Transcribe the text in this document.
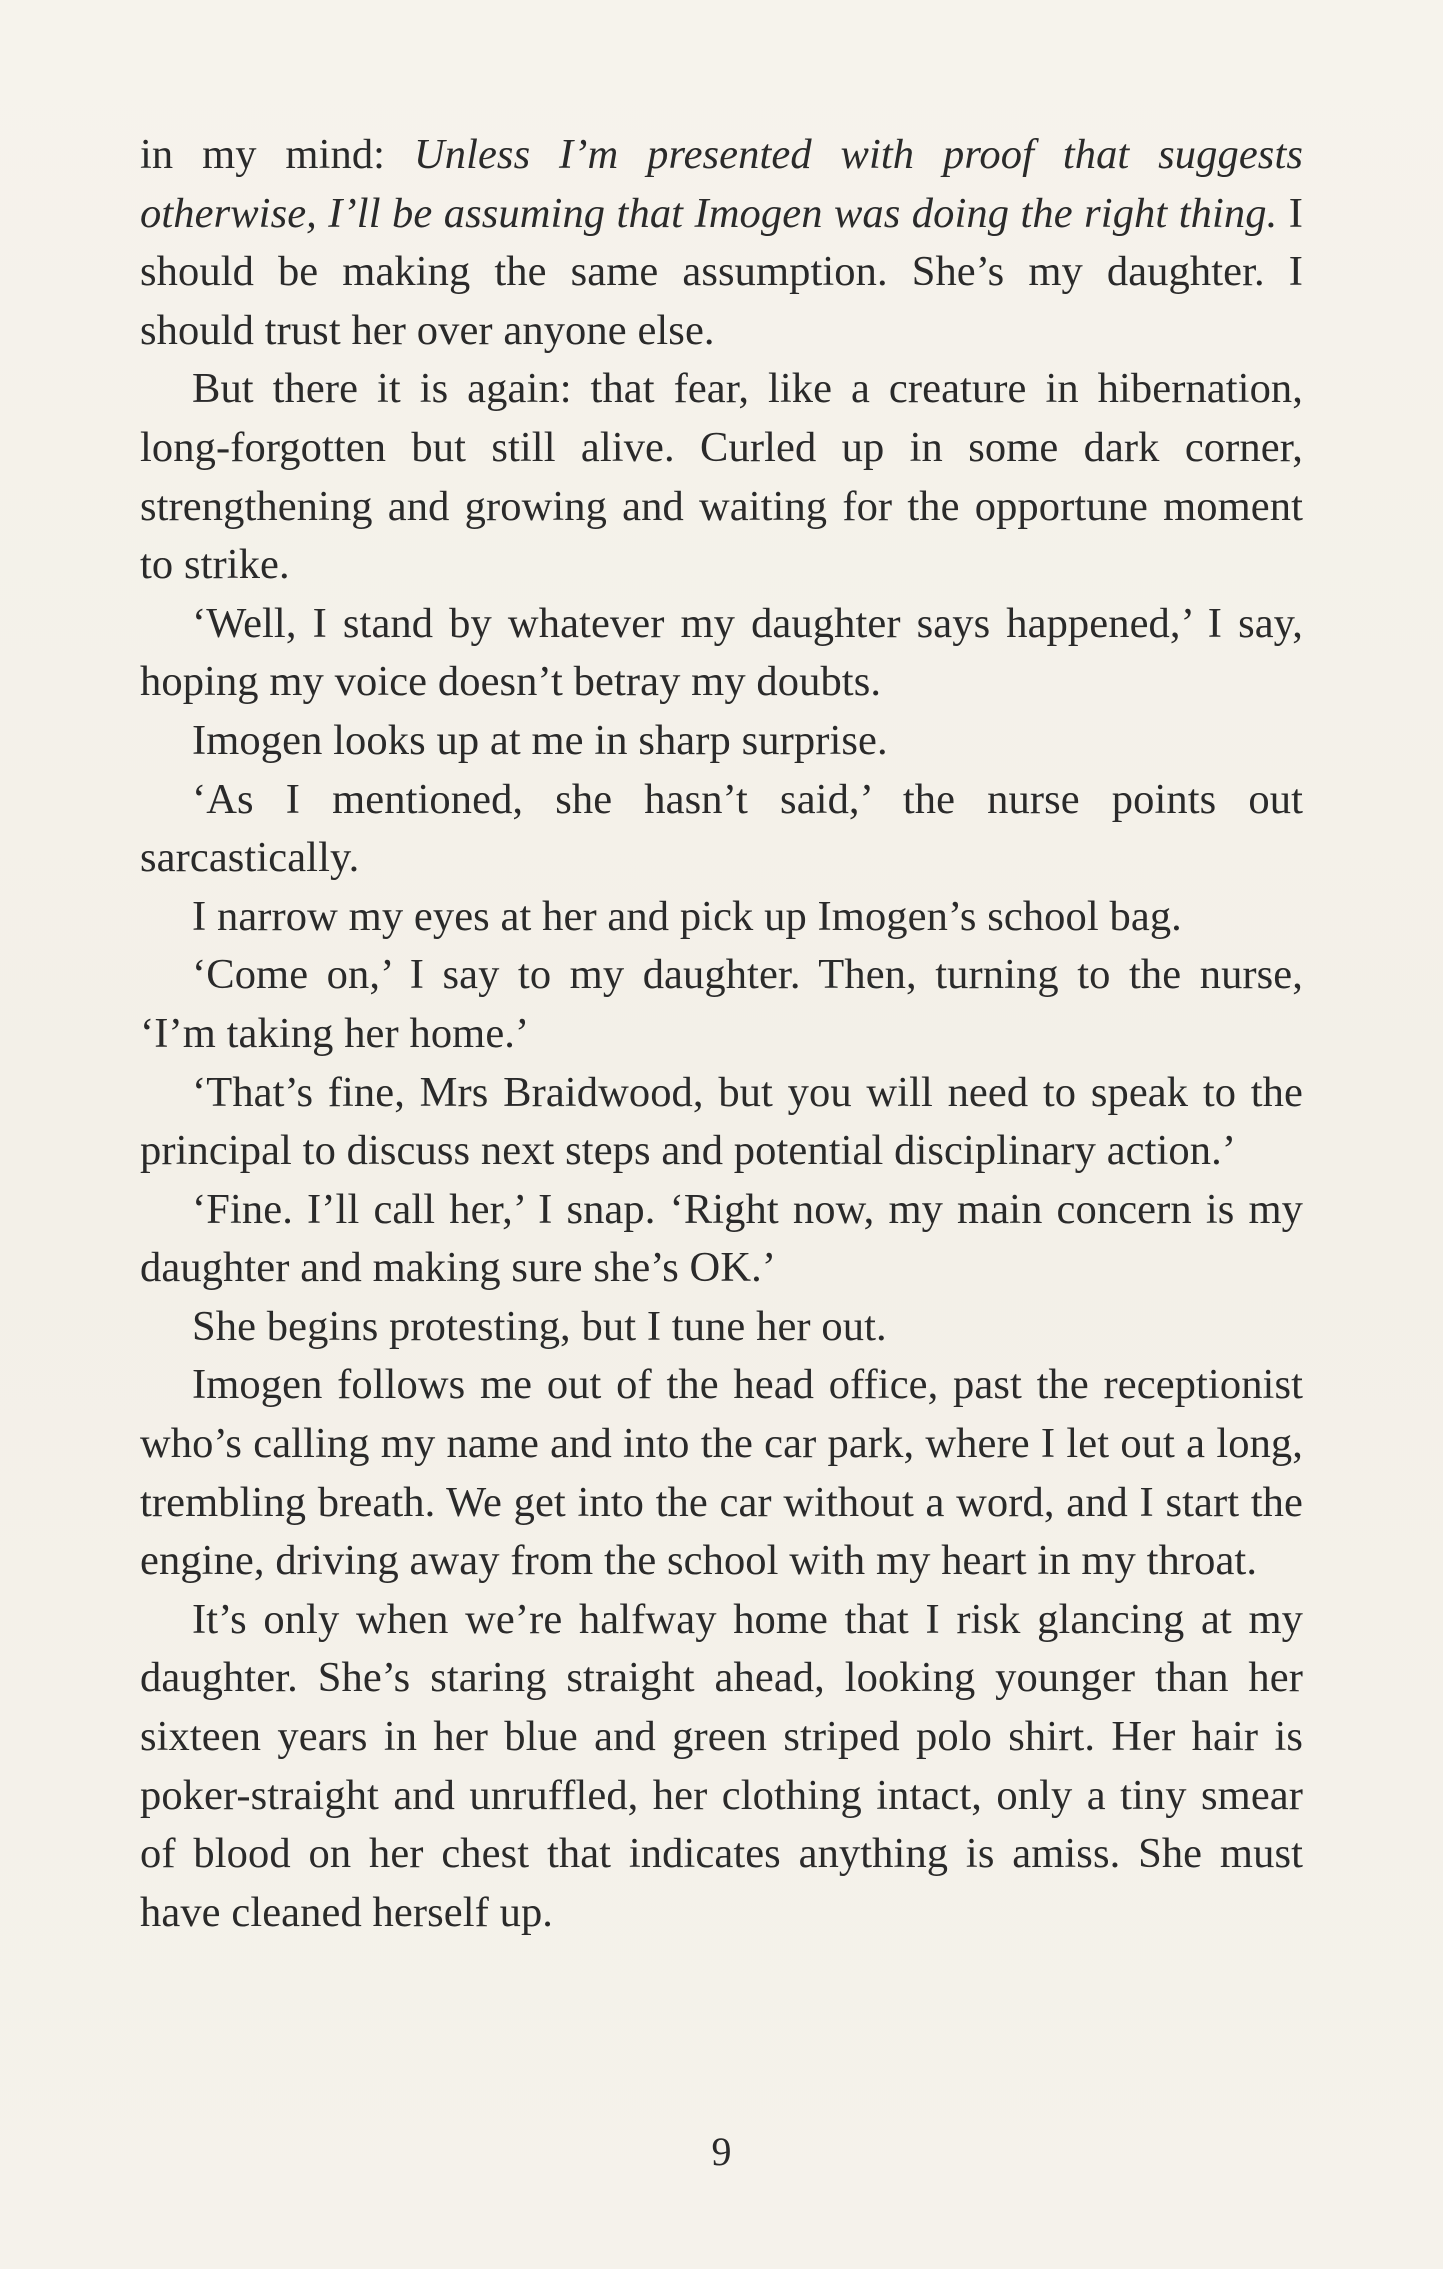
in my mind: Unless I’m presented with proof that suggests otherwise, I’ll be assuming that Imogen was doing the right thing. I should be making the same assumption. She’s my daughter. I should trust her over anyone else.

But there it is again: that fear, like a creature in hibernation, long-forgotten but still alive. Curled up in some dark corner, strengthening and growing and waiting for the opportune moment to strike.

‘Well, I stand by whatever my daughter says happened,’ I say, hoping my voice doesn’t betray my doubts.

Imogen looks up at me in sharp surprise.

‘As I mentioned, she hasn’t said,’ the nurse points out sarcastically.

I narrow my eyes at her and pick up Imogen’s school bag.

‘Come on,’ I say to my daughter. Then, turning to the nurse, ‘I’m taking her home.’

‘That’s fine, Mrs Braidwood, but you will need to speak to the principal to discuss next steps and potential disciplinary action.’

‘Fine. I’ll call her,’ I snap. ‘Right now, my main concern is my daughter and making sure she’s OK.’

She begins protesting, but I tune her out.

Imogen follows me out of the head office, past the receptionist who’s calling my name and into the car park, where I let out a long, trembling breath. We get into the car without a word, and I start the engine, driving away from the school with my heart in my throat.

It’s only when we’re halfway home that I risk glancing at my daughter. She’s staring straight ahead, looking younger than her sixteen years in her blue and green striped polo shirt. Her hair is poker-straight and unruffled, her clothing intact, only a tiny smear of blood on her chest that indicates anything is amiss. She must have cleaned herself up.

9
